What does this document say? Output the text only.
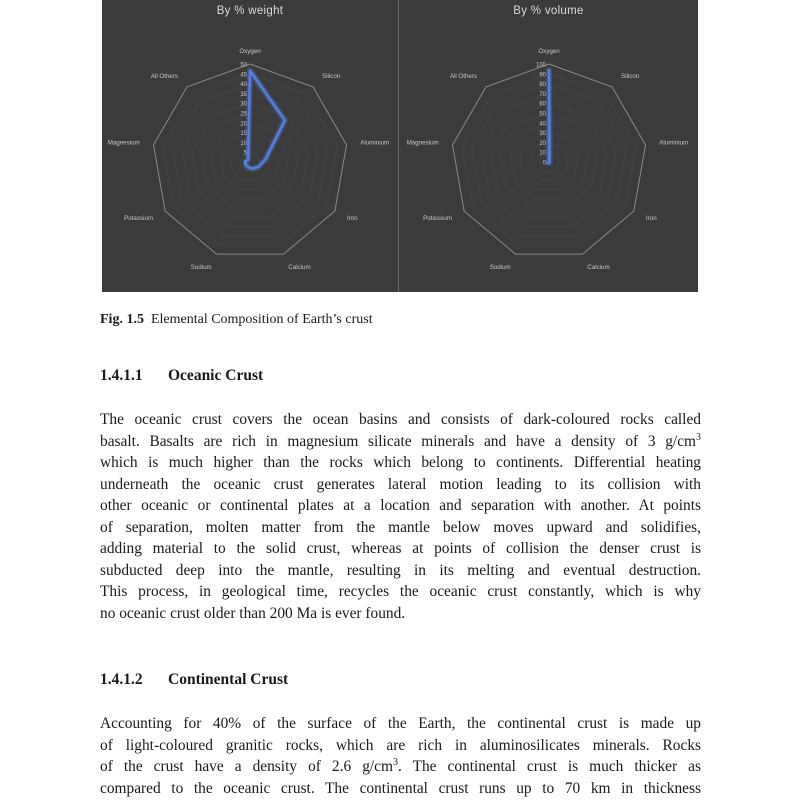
By % weight
0
5
10
15
20
25
30
35
40
45
50
Oxygen
Silicon
Aluminium
Iron
Calcium
Sodium
Potassium
Magnesium
All Others
By % volume
0
10
20
30
40
50
60
70
80
90
100
Oxygen
Silicon
Aluminium
Iron
Calcium
Sodium
Potassium
Magnesium
All Others
Fig. 1.5 Elemental Composition of Earth’s crust
1.4.1.1 Oceanic Crust
The oceanic crust covers the ocean basins and consists of dark-coloured rocks called
basalt. Basalts are rich in magnesium silicate minerals and have a density of 3 $g/cm^3$
which is much higher than the rocks which belong to continents. Differential heating
underneath the oceanic crust generates lateral motion leading to its collision with
other oceanic or continental plates at a location and separation with another. At points
of separation, molten matter from the mantle below moves upward and solidifies,
adding material to the solid crust, whereas at points of collision the denser crust is
subducted deep into the mantle, resulting in its melting and eventual destruction.
This process, in geological time, recycles the oceanic crust constantly, which is why
no oceanic crust older than 200 Ma is ever found.
1.4.1.2 Continental Crust
Accounting for 40% of the surface of the Earth, the continental crust is made up
of light-coloured granitic rocks, which are rich in aluminosilicates minerals. Rocks
of the crust have a density of 2.6 $g/cm^3$. The continental crust is much thicker as
compared to the oceanic crust. The continental crust runs up to 70 km in thickness
